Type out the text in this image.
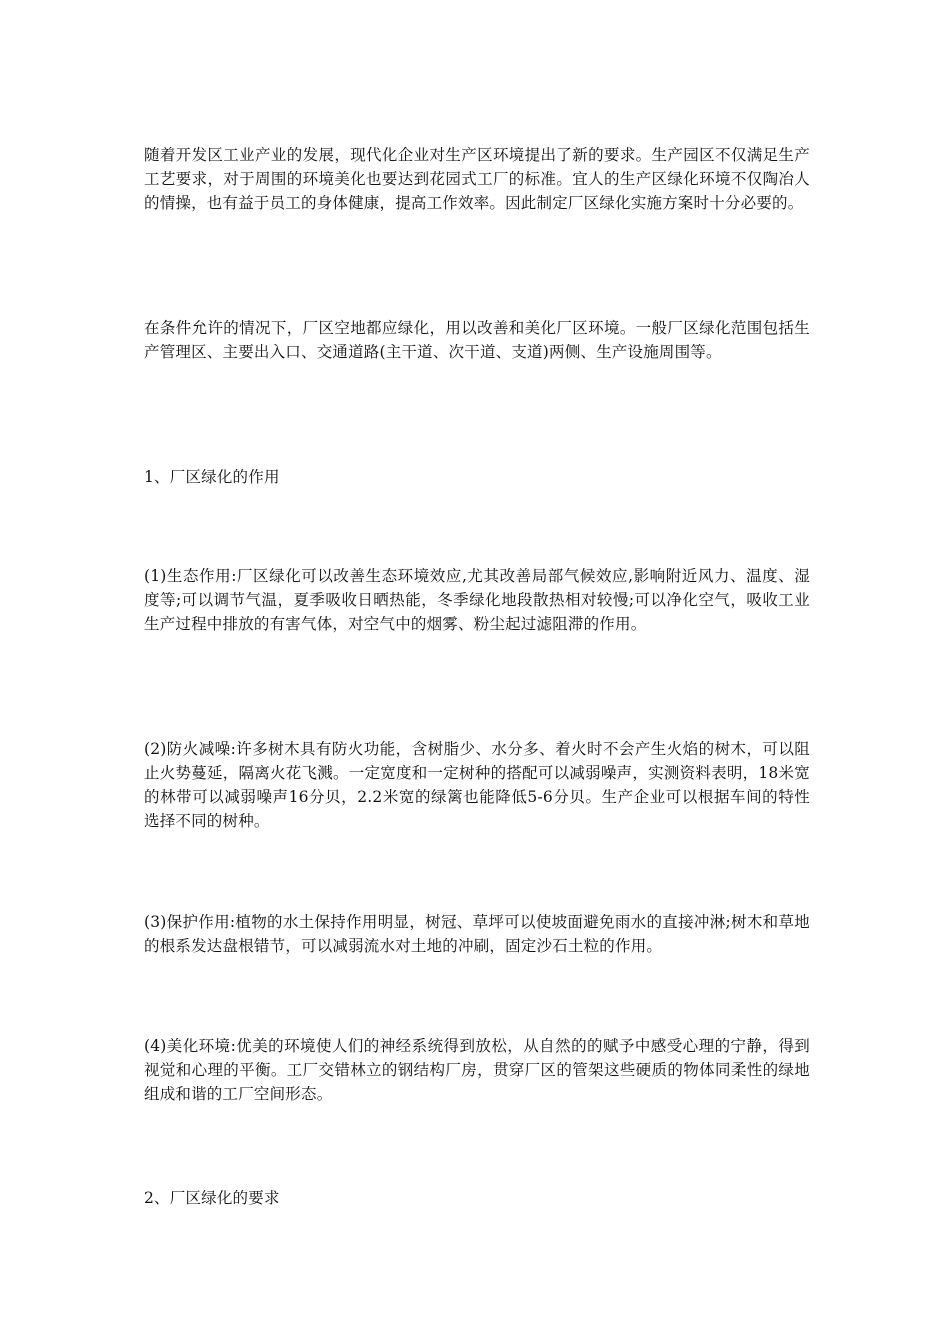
随着开发区工业产业的发展，现代化企业对生产区环境提出了新的要求。生产园区不仅满足生产工艺要求，对于周围的环境美化也要达到花园式工厂的标准。宜人的生产区绿化环境不仅陶冶人的情操，也有益于员工的身体健康，提高工作效率。因此制定厂区绿化实施方案时十分必要的。

在条件允许的情况下，厂区空地都应绿化，用以改善和美化厂区环境。一般厂区绿化范围包括生产管理区、主要出入口、交通道路(主干道、次干道、支道)两侧、生产设施周围等。

1、厂区绿化的作用

(1)生态作用:厂区绿化可以改善生态环境效应,尤其改善局部气候效应,影响附近风力、温度、湿度等;可以调节气温，夏季吸收日晒热能，冬季绿化地段散热相对较慢;可以净化空气，吸收工业生产过程中排放的有害气体，对空气中的烟雾、粉尘起过滤阻滞的作用。

(2)防火减噪:许多树木具有防火功能，含树脂少、水分多、着火时不会产生火焰的树木，可以阻止火势蔓延，隔离火花飞溅。一定宽度和一定树种的搭配可以减弱噪声，实测资料表明，18米宽的林带可以减弱噪声16分贝，2.2米宽的绿篱也能降低5-6分贝。生产企业可以根据车间的特性选择不同的树种。

(3)保护作用:植物的水土保持作用明显，树冠、草坪可以使坡面避免雨水的直接冲淋;树木和草地的根系发达盘根错节，可以减弱流水对土地的冲刷，固定沙石土粒的作用。

(4)美化环境:优美的环境使人们的神经系统得到放松，从自然的的赋予中感受心理的宁静，得到视觉和心理的平衡。工厂交错林立的钢结构厂房，贯穿厂区的管架这些硬质的物体同柔性的绿地组成和谐的工厂空间形态。

2、厂区绿化的要求
